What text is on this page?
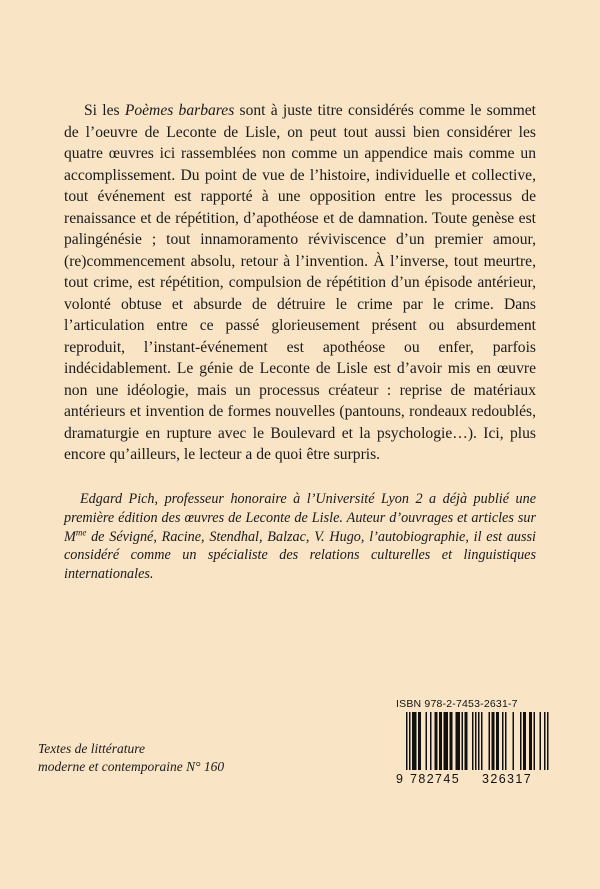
Si les Poèmes barbares sont à juste titre considérés comme le sommet de l’oeuvre de Leconte de Lisle, on peut tout aussi bien considérer les quatre œuvres ici rassemblées non comme un appendice mais comme un accomplissement. Du point de vue de l’histoire, individuelle et collective, tout événement est rapporté à une opposition entre les processus de renaissance et de répétition, d’apothéose et de damnation. Toute genèse est palingénésie ; tout innamoramento réviviscence d’un premier amour, (re)commencement absolu, retour à l’invention. À l’inverse, tout meurtre, tout crime, est répétition, compulsion de répétition d’un épisode antérieur, volonté obtuse et absurde de détruire le crime par le crime. Dans l’articulation entre ce passé glorieusement présent ou absurdement reproduit, l’instant-événement est apothéose ou enfer, parfois indécidablement. Le génie de Leconte de Lisle est d’avoir mis en œuvre non une idéologie, mais un processus créateur : reprise de matériaux antérieurs et invention de formes nouvelles (pantouns, rondeaux redoublés, dramaturgie en rupture avec le Boulevard et la psychologie…). Ici, plus encore qu’ailleurs, le lecteur a de quoi être surpris.

Edgard Pich, professeur honoraire à l’Université Lyon 2 a déjà publié une première édition des œuvres de Leconte de Lisle. Auteur d’ouvrages et articles sur $M^{me}$ de Sévigné, Racine, Stendhal, Balzac, V. Hugo, l’autobiographie, il est aussi considéré comme un spécialiste des relations culturelles et linguistiques internationales.

Textes de littérature
moderne et contemporaine N° 160
ISBN 978-2-7453-2631-7
9 782745 326317
